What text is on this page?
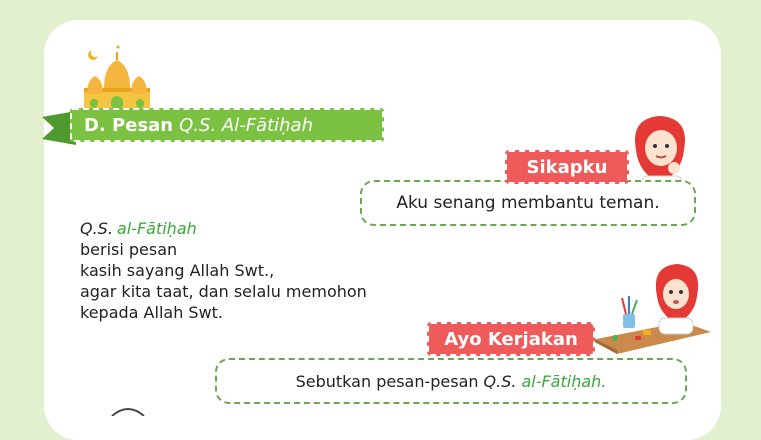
D. Pesan Q.S. Al-Fātiḥah
Sikapku
Aku senang membantu teman.
Q.S. al-Fātiḥah
berisi pesan
kasih sayang Allah Swt.,
agar kita taat, dan selalu memohon
kepada Allah Swt.
Ayo Kerjakan
Sebutkan pesan-pesan Q.S. al-Fātiḥah.
